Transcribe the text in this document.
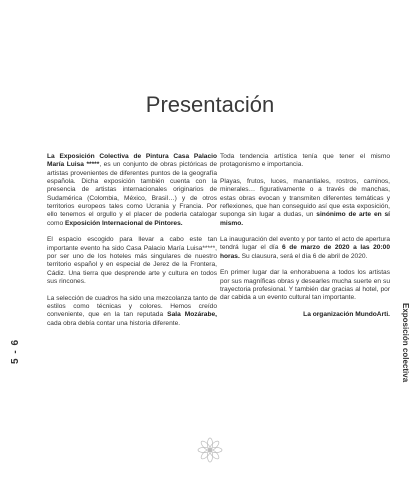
Presentación

La Exposición Colectiva de Pintura Casa Palacio María Luisa *****, es un conjunto de obras pictóricas de artistas provenientes de diferentes puntos de la geografía española. Dicha exposición también cuenta con la presencia de artistas internacionales originarios de Sudamérica (Colombia, México, Brasil…) y de otros territorios europeos tales como Ucrania y Francia. Por ello tenemos el orgullo y el placer de poderla catalogar como Exposición Internacional de Pintores.

El espacio escogido para llevar a cabo este tan importante evento ha sido Casa Palacio María Luisa*****, por ser uno de los hoteles más singulares de nuestro territorio español y en especial de Jerez de la Frontera, Cádiz. Una tierra que desprende arte y cultura en todos sus rincones.

La selección de cuadros ha sido una mezcolanza tanto de estilos como técnicas y colores. Hemos creído conveniente, que en la tan reputada Sala Mozárabe, cada obra debía contar una historia diferente.

Toda tendencia artística tenía que tener el mismo protagonismo e importancia.

Playas, frutos, luces, manantiales, rostros, caminos, minerales… figurativamente o a través de manchas, estas obras evocan y transmiten diferentes temáticas y reflexiones, que han conseguido así que esta exposición, suponga sin lugar a dudas, un sinónimo de arte en sí mismo.

La inauguración del evento y por tanto el acto de apertura tendrá lugar el día 6 de marzo de 2020 a las 20:00 horas. Su clausura, será el día 6 de abril de 2020.

En primer lugar dar la enhorabuena a todos los artistas por sus magníficas obras y desearles mucha suerte en su trayectoria profesional. Y también dar gracias al hotel, por dar cabida a un evento cultural tan importante.

La organización MundoArti.

5 - 6	Exposición colectiva
